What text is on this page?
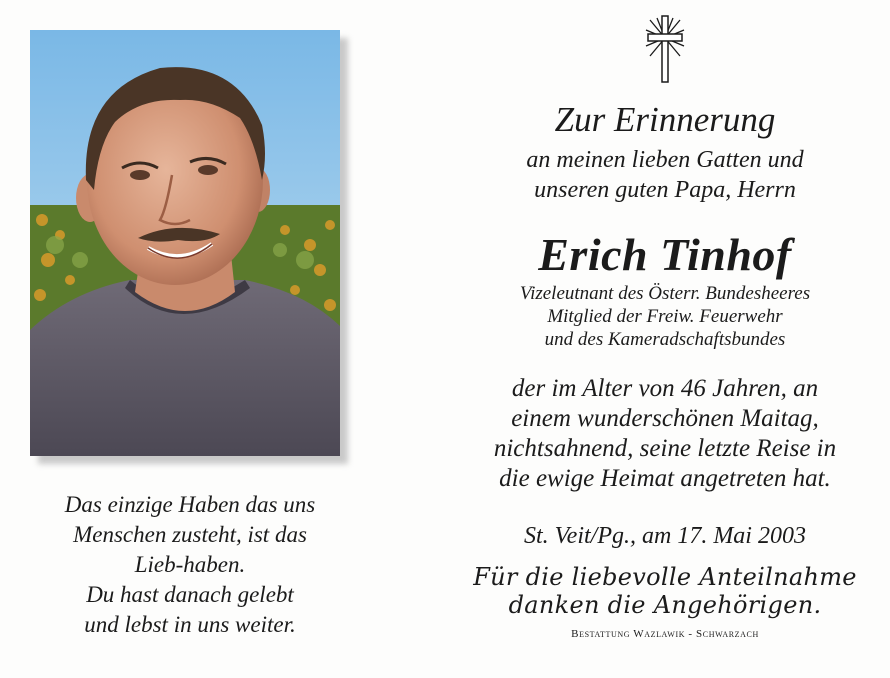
Das einzige Haben das uns
Menschen zusteht, ist das
Lieb-haben.
Du hast danach gelebt
und lebst in uns weiter.
Zur Erinnerung
an meinen lieben Gatten und
unseren guten Papa, Herrn
Erich Tinhof
Vizeleutnant des Österr. Bundesheeres
Mitglied der Freiw. Feuerwehr
und des Kameradschaftsbundes
der im Alter von 46 Jahren, an
einem wunderschönen Maitag,
nichtsahnend, seine letzte Reise in
die ewige Heimat angetreten hat.
St. Veit/Pg., am 17. Mai 2003
Für die liebevolle Anteilnahme
danken die Angehörigen.
Bestattung Wazlawik - Schwarzach
